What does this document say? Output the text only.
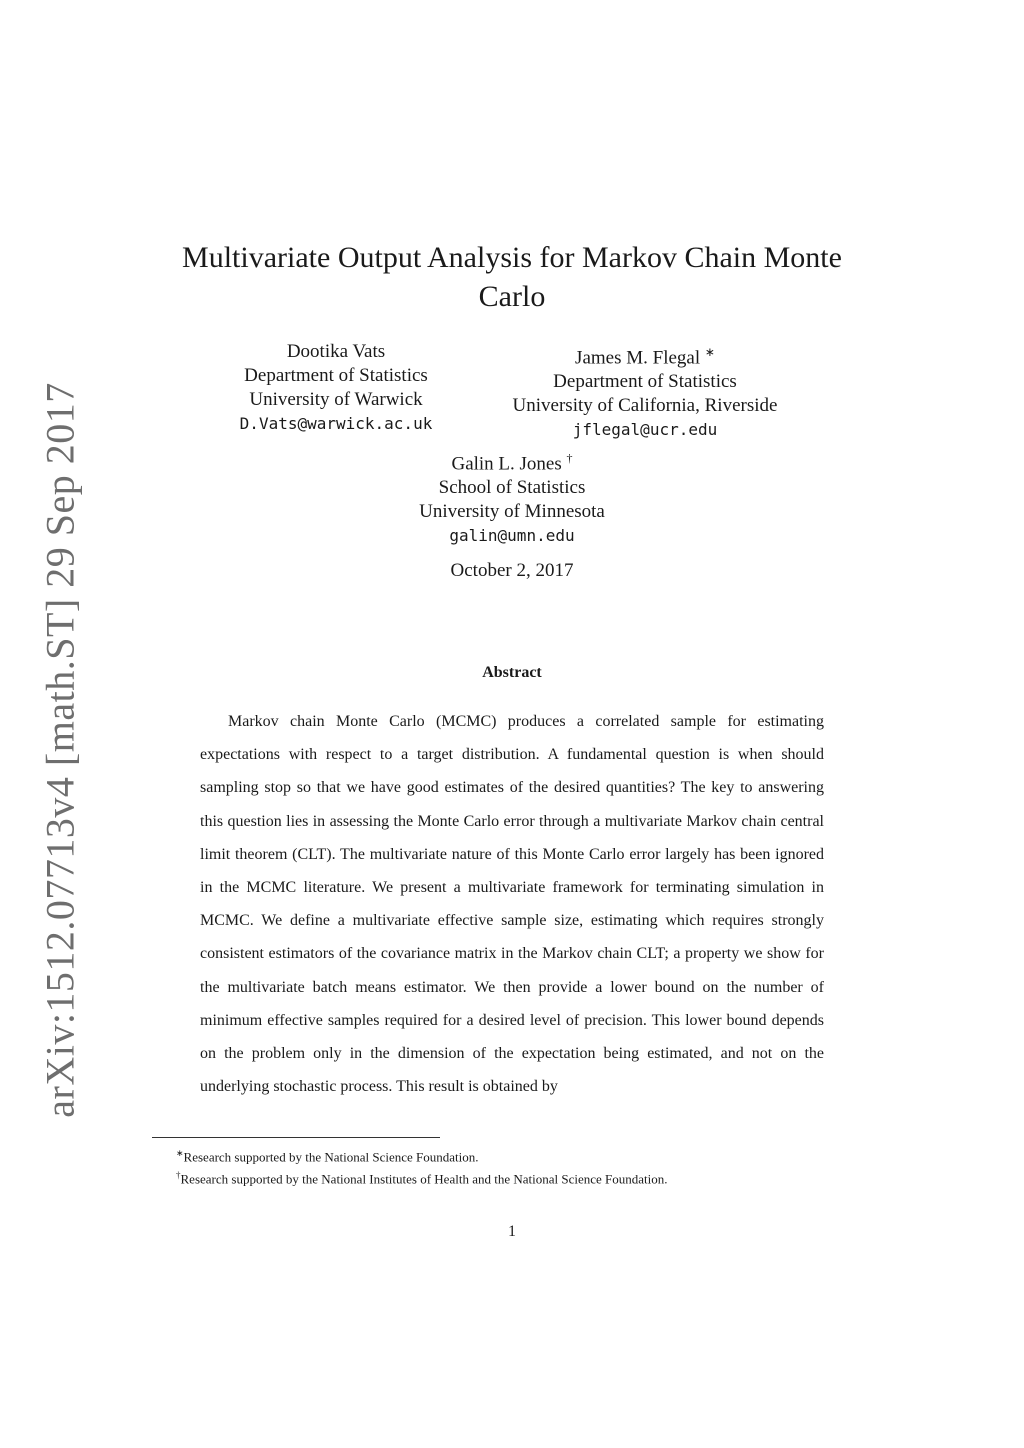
arXiv:1512.07713v4 [math.ST] 29 Sep 2017
Multivariate Output Analysis for Markov Chain Monte Carlo
Dootika Vats
Department of Statistics
University of Warwick
D.Vats@warwick.ac.uk
James M. Flegal ∗
Department of Statistics
University of California, Riverside
jflegal@ucr.edu
Galin L. Jones †
School of Statistics
University of Minnesota
galin@umn.edu
October 2, 2017
Abstract

Markov chain Monte Carlo (MCMC) produces a correlated sample for estimating expectations with respect to a target distribution. A fundamental question is when should sampling stop so that we have good estimates of the desired quantities? The key to answering this question lies in assessing the Monte Carlo error through a multivariate Markov chain central limit theorem (CLT). The multivariate nature of this Monte Carlo error largely has been ignored in the MCMC literature. We present a multivariate framework for terminating simulation in MCMC. We define a multivariate effective sample size, estimating which requires strongly consistent estimators of the covariance matrix in the Markov chain CLT; a property we show for the multivariate batch means estimator. We then provide a lower bound on the number of minimum effective samples required for a desired level of precision. This lower bound depends on the problem only in the dimension of the expectation being estimated, and not on the underlying stochastic process. This result is obtained by

∗Research supported by the National Science Foundation.
†Research supported by the National Institutes of Health and the National Science Foundation.
1
